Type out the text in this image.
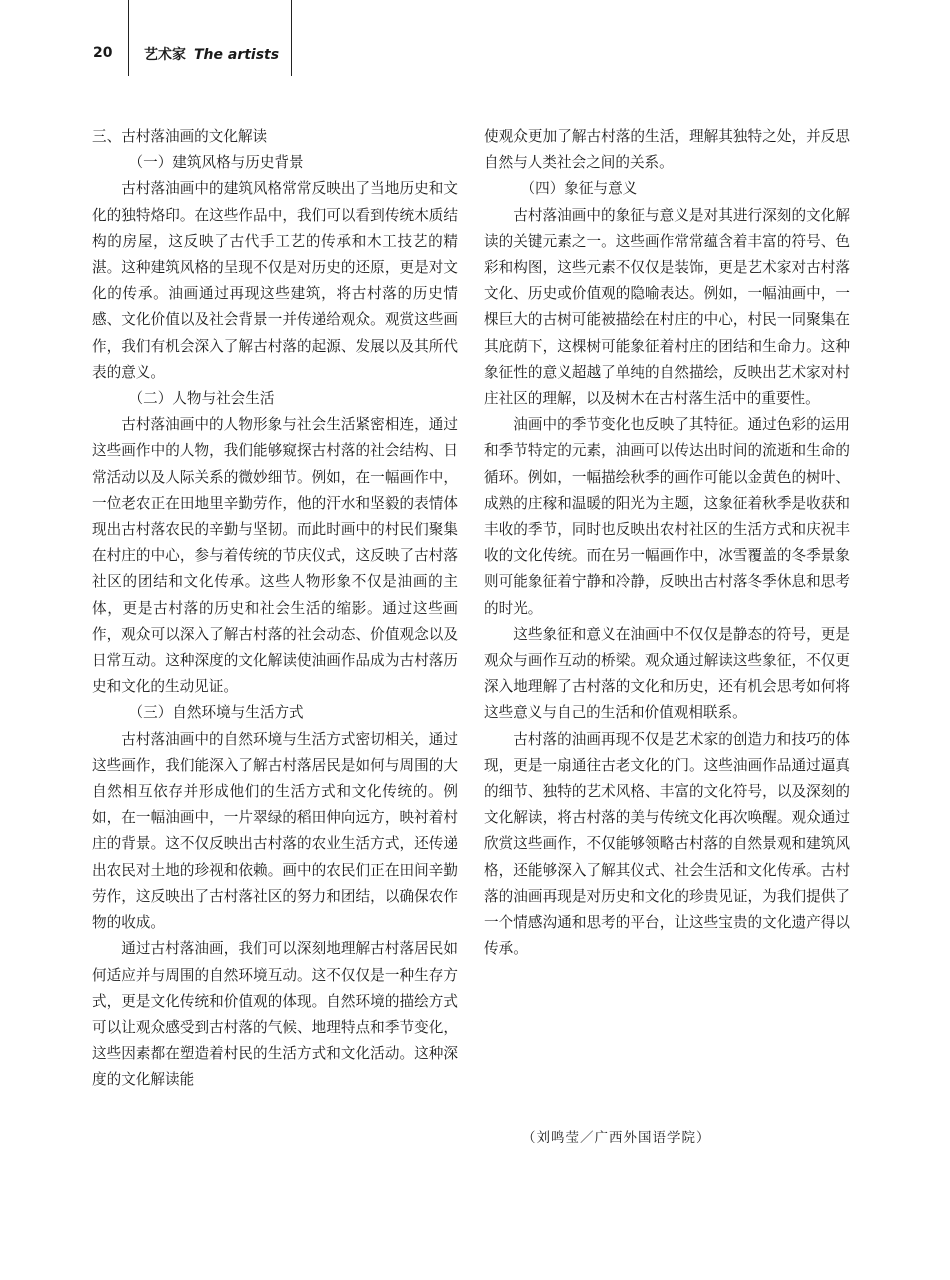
20 艺术家 The artists

三、古村落油画的文化解读

（一）建筑风格与历史背景

古村落油画中的建筑风格常常反映出了当地历史和文化的独特烙印。在这些作品中，我们可以看到传统木质结构的房屋，这反映了古代手工艺的传承和木工技艺的精湛。这种建筑风格的呈现不仅是对历史的还原，更是对文化的传承。油画通过再现这些建筑，将古村落的历史情感、文化价值以及社会背景一并传递给观众。观赏这些画作，我们有机会深入了解古村落的起源、发展以及其所代表的意义。

（二）人物与社会生活

古村落油画中的人物形象与社会生活紧密相连，通过这些画作中的人物，我们能够窥探古村落的社会结构、日常活动以及人际关系的微妙细节。例如，在一幅画作中，一位老农正在田地里辛勤劳作，他的汗水和坚毅的表情体现出古村落农民的辛勤与坚韧。而此时画中的村民们聚集在村庄的中心，参与着传统的节庆仪式，这反映了古村落社区的团结和文化传承。这些人物形象不仅是油画的主体，更是古村落的历史和社会生活的缩影。通过这些画作，观众可以深入了解古村落的社会动态、价值观念以及日常互动。这种深度的文化解读使油画作品成为古村落历史和文化的生动见证。

（三）自然环境与生活方式

古村落油画中的自然环境与生活方式密切相关，通过这些画作，我们能深入了解古村落居民是如何与周围的大自然相互依存并形成他们的生活方式和文化传统的。例如，在一幅油画中，一片翠绿的稻田伸向远方，映衬着村庄的背景。这不仅反映出古村落的农业生活方式，还传递出农民对土地的珍视和依赖。画中的农民们正在田间辛勤劳作，这反映出了古村落社区的努力和团结，以确保农作物的收成。

通过古村落油画，我们可以深刻地理解古村落居民如何适应并与周围的自然环境互动。这不仅仅是一种生存方式，更是文化传统和价值观的体现。自然环境的描绘方式可以让观众感受到古村落的气候、地理特点和季节变化，这些因素都在塑造着村民的生活方式和文化活动。这种深度的文化解读能

使观众更加了解古村落的生活，理解其独特之处，并反思自然与人类社会之间的关系。

（四）象征与意义

古村落油画中的象征与意义是对其进行深刻的文化解读的关键元素之一。这些画作常常蕴含着丰富的符号、色彩和构图，这些元素不仅仅是装饰，更是艺术家对古村落文化、历史或价值观的隐喻表达。例如，一幅油画中，一棵巨大的古树可能被描绘在村庄的中心，村民一同聚集在其庇荫下，这棵树可能象征着村庄的团结和生命力。这种象征性的意义超越了单纯的自然描绘，反映出艺术家对村庄社区的理解，以及树木在古村落生活中的重要性。

油画中的季节变化也反映了其特征。通过色彩的运用和季节特定的元素，油画可以传达出时间的流逝和生命的循环。例如，一幅描绘秋季的画作可能以金黄色的树叶、成熟的庄稼和温暖的阳光为主题，这象征着秋季是收获和丰收的季节，同时也反映出农村社区的生活方式和庆祝丰收的文化传统。而在另一幅画作中，冰雪覆盖的冬季景象则可能象征着宁静和冷静，反映出古村落冬季休息和思考的时光。

这些象征和意义在油画中不仅仅是静态的符号，更是观众与画作互动的桥梁。观众通过解读这些象征，不仅更深入地理解了古村落的文化和历史，还有机会思考如何将这些意义与自己的生活和价值观相联系。

古村落的油画再现不仅是艺术家的创造力和技巧的体现，更是一扇通往古老文化的门。这些油画作品通过逼真的细节、独特的艺术风格、丰富的文化符号，以及深刻的文化解读，将古村落的美与传统文化再次唤醒。观众通过欣赏这些画作，不仅能够领略古村落的自然景观和建筑风格，还能够深入了解其仪式、社会生活和文化传承。古村落的油画再现是对历史和文化的珍贵见证，为我们提供了一个情感沟通和思考的平台，让这些宝贵的文化遗产得以传承。

（刘鸣莹／广西外国语学院）
